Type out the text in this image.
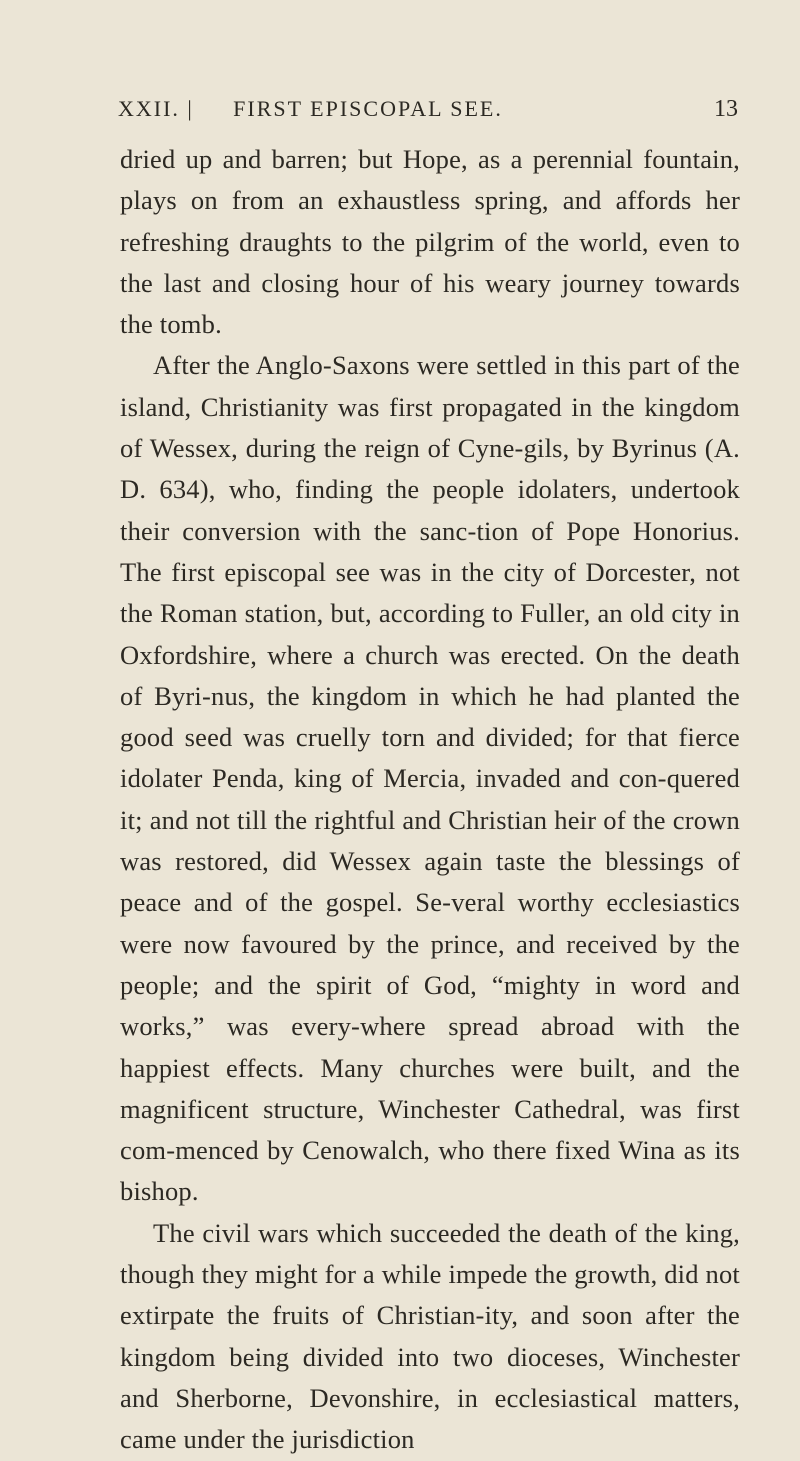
XXII. |	FIRST EPISCOPAL SEE.	13

dried up and barren; but Hope, as a perennial fountain, plays on from an exhaustless spring, and affords her refreshing draughts to the pilgrim of the world, even to the last and closing hour of his weary journey towards the tomb.

After the Anglo-Saxons were settled in this part of the island, Christianity was first propagated in the kingdom of Wessex, during the reign of Cyne-gils, by Byrinus (A. D. 634), who, finding the people idolaters, undertook their conversion with the sanc-tion of Pope Honorius. The first episcopal see was in the city of Dorcester, not the Roman station, but, according to Fuller, an old city in Oxfordshire, where a church was erected. On the death of Byri-nus, the kingdom in which he had planted the good seed was cruelly torn and divided; for that fierce idolater Penda, king of Mercia, invaded and con-quered it; and not till the rightful and Christian heir of the crown was restored, did Wessex again taste the blessings of peace and of the gospel. Se-veral worthy ecclesiastics were now favoured by the prince, and received by the people; and the spirit of God, “mighty in word and works,” was every-where spread abroad with the happiest effects. Many churches were built, and the magnificent structure, Winchester Cathedral, was first com-menced by Cenowalch, who there fixed Wina as its bishop.

The civil wars which succeeded the death of the king, though they might for a while impede the growth, did not extirpate the fruits of Christian-ity, and soon after the kingdom being divided into two dioceses, Winchester and Sherborne, Devonshire, in ecclesiastical matters, came under the jurisdiction
